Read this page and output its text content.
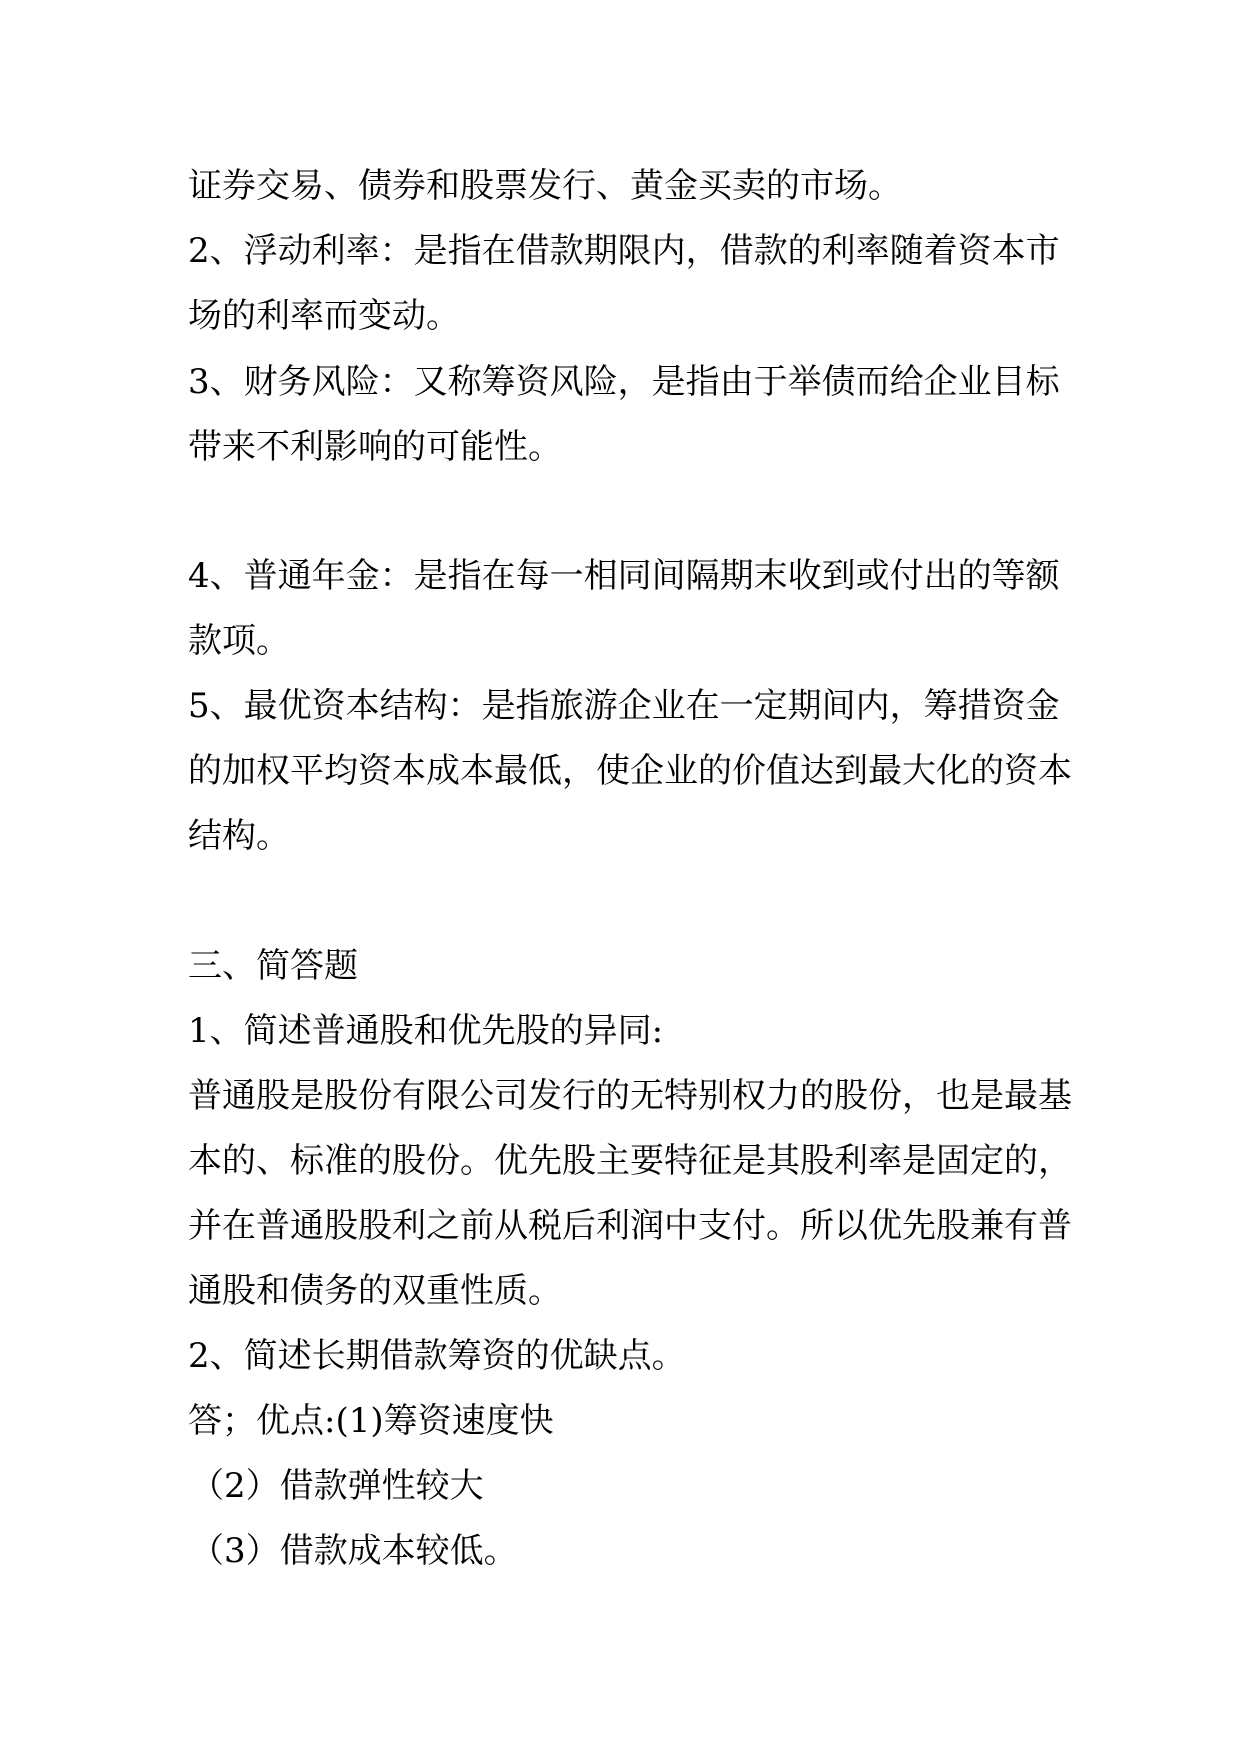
证券交易、债券和股票发行、黄金买卖的市场。
2、浮动利率：是指在借款期限内，借款的利率随着资本市
场的利率而变动。
3、财务风险：又称筹资风险，是指由于举债而给企业目标
带来不利影响的可能性。
4、普通年金：是指在每一相同间隔期末收到或付出的等额
款项。
5、最优资本结构：是指旅游企业在一定期间内，筹措资金
的加权平均资本成本最低，使企业的价值达到最大化的资本
结构。
三、简答题
1、简述普通股和优先股的异同:
普通股是股份有限公司发行的无特别权力的股份，也是最基
本的、标准的股份。优先股主要特征是其股利率是固定的，
并在普通股股利之前从税后利润中支付。所以优先股兼有普
通股和债务的双重性质。
2、简述长期借款筹资的优缺点。
答；优点:(1)筹资速度快
（2）借款弹性较大
（3）借款成本较低。
